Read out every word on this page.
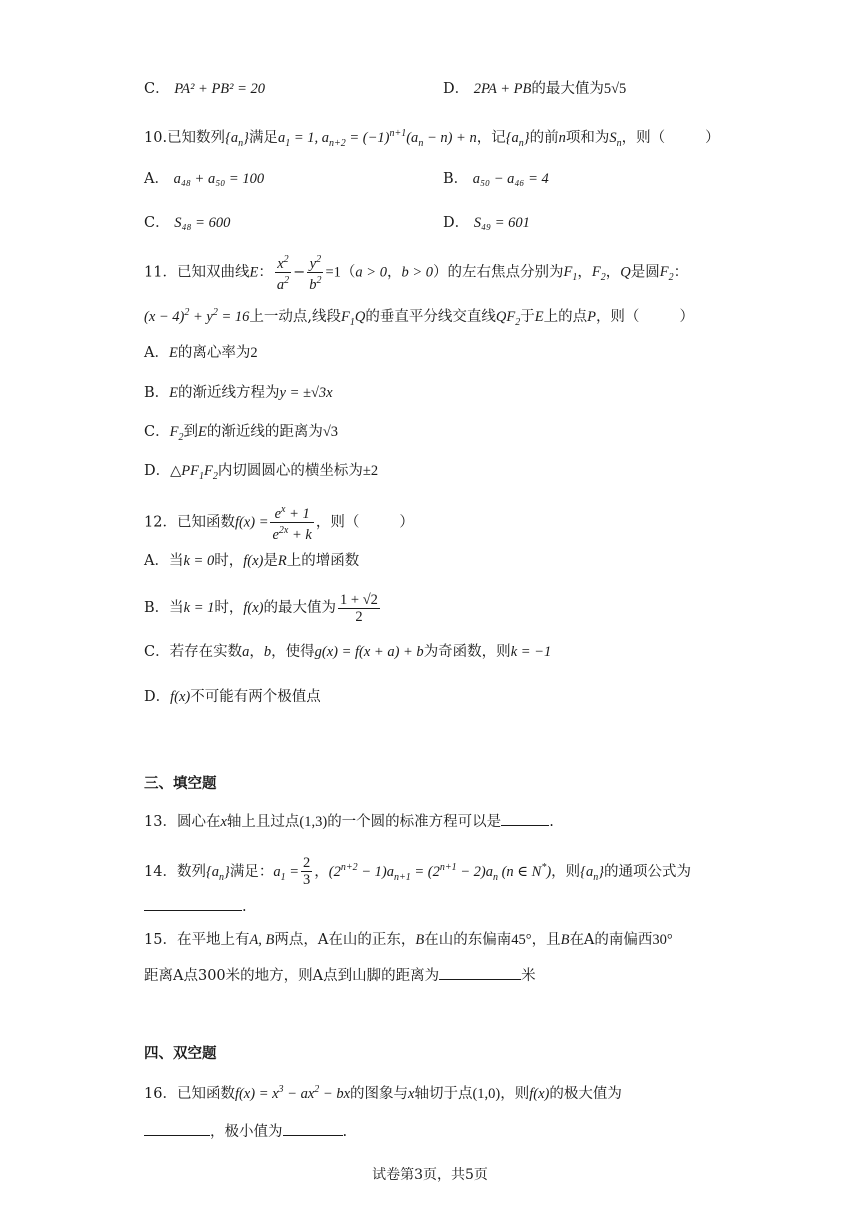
C． PA² + PB² = 20	D． 2PA + PB的最大值为5√5
10.已知数列$\{a_n\}$满足$a_1 = 1$, $a_{n+2} = (-1)^{n+1}(a_n - n) + n$，记$\{a_n\}$的前n项和为$S_n$，则（	）
A． a₄₈ + a₅₀ = 100	B． a₅₀ − a₄₆ = 4
C． S₄₈ = 600	D． S₄₉ = 601
11．已知双曲线E： $\frac{x^2}{a^2} - \frac{y^2}{b^2} =1(a > 0$，b > 0）的左右焦点分别为$F_1$，$F_2$，Q是圆$F_2$：
$(x - 4)^2 + y^2 = 16$上一动点,线段$F_1Q$的垂直平分线交直线$QF_2$于E上的点P，则（	）
A．E的离心率为2
B．E的渐近线方程为y = ±√3x
C．$F_2$到E的渐近线的距离为√3
D．$\triangle PF_1F_2$内切圆圆心的横坐标为±2
12．已知函数$f(x) = \frac{e^x + 1}{e^{2x} + k}$ ，则（	）
A．当k = 0时，f(x)是R上的增函数
B．当k = 1时，f(x)的最大值为 $\frac{1 + √2}{2}$
C．若存在实数a，b，使得g(x) = f(x + a) + b为奇函数，则k = −1
D．f(x)不可能有两个极值点
三、填空题
13．圆心在x轴上且过点(1,3)的一个圆的标准方程可以是	.
14．数列$\{a_n\}$满足：$a_1 = \frac{2}{3}$ ，$(2^{n+2} - 1)a_{n+1} = (2^{n+1} - 2)a_n$ (n ∈ N*)，则$\{a_n\}$的通项公式为
.
15．在平地上有A, B两点，A在山的正东，B在山的东偏南45°，且B在A的南偏西30°
距离A点300米的地方，则A点到山脚的距离为	米
四、双空题
16．已知函数$f(x) = x^3 - ax^2$ − bx的图象与x轴切于点(1,0)，则f(x)的极大值为
，极小值为	.
试卷第3页，共5页
